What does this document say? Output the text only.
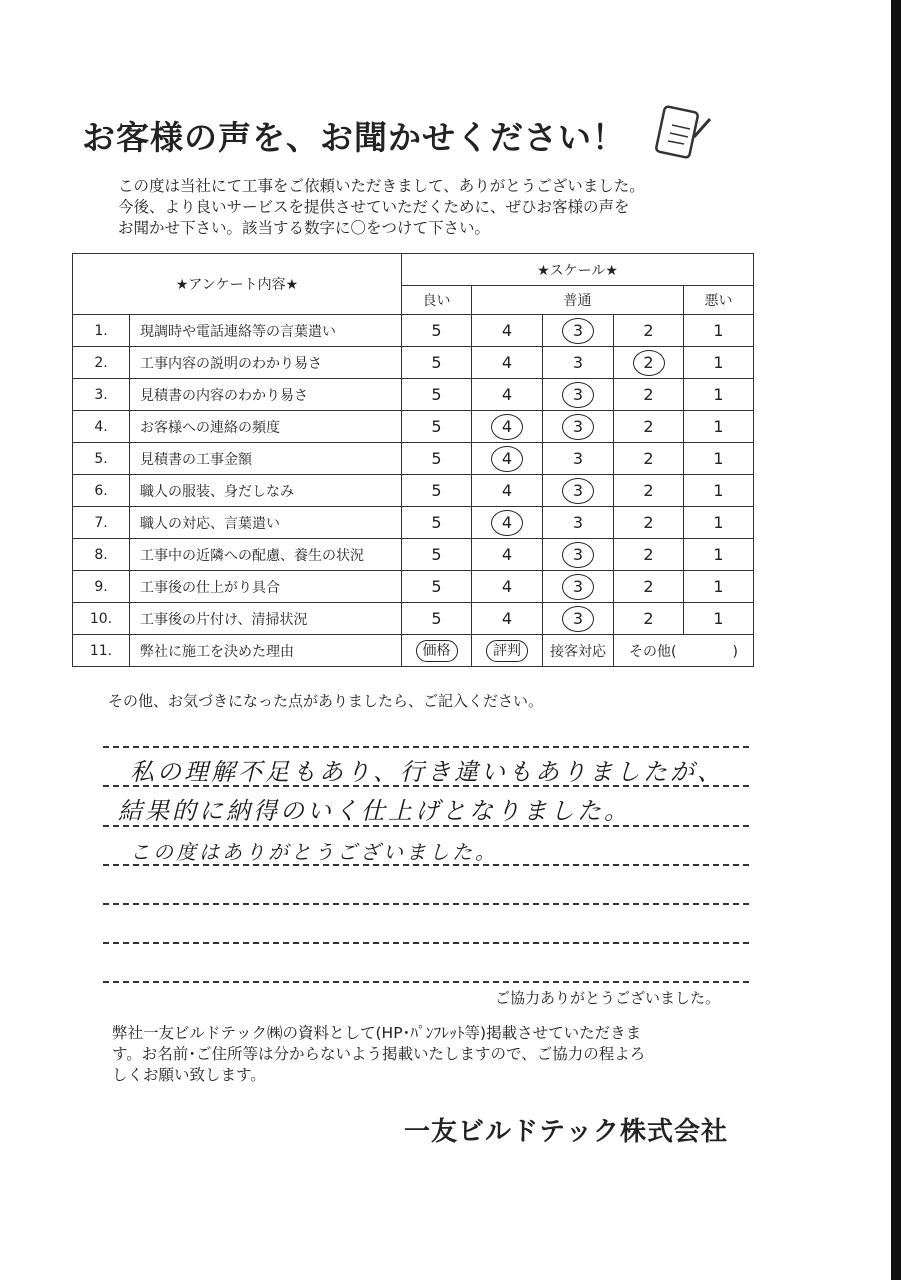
お客様の声を、お聞かせください！
この度は当社にて工事をご依頼いただきまして、ありがとうございました。
今後、より良いサービスを提供させていただくために、ぜひお客様の声を
お聞かせ下さい。該当する数字に〇をつけて下さい。
★アンケート内容★		★スケール★				
		良い	普通			悪い
1.	現調時や電話連絡等の言葉遣い	5	4	3	2	1
2.	工事内容の説明のわかり易さ	5	4	3	2	1
3.	見積書の内容のわかり易さ	5	4	3	2	1
4.	お客様への連絡の頻度	5	4	3	2	1
5.	見積書の工事金額	5	4	3	2	1
6.	職人の服装、身だしなみ	5	4	3	2	1
7.	職人の対応、言葉遣い	5	4	3	2	1
8.	工事中の近隣への配慮、養生の状況	5	4	3	2	1
9.	工事後の仕上がり具合	5	4	3	2	1
10.	工事後の片付け、清掃状況	5	4	3	2	1
11.	弊社に施工を決めた理由	価格	評判	接客対応	その他(　　　　)	
その他、お気づきになった点がありましたら、ご記入ください。
私の理解不足もあり、行き違いもありましたが、
結果的に納得のいく仕上げとなりました。
この度はありがとうございました。
ご協力ありがとうございました。
弊社一友ビルドテック㈱の資料として(HP･ﾊﾟﾝﾌﾚｯﾄ等)掲載させていただきま
す。お名前･ご住所等は分からないよう掲載いたしますので、ご協力の程よろ
しくお願い致します。
一友ビルドテック株式会社
